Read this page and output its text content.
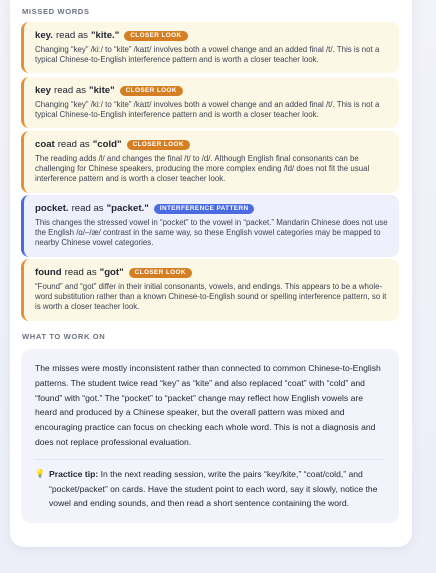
MISSED WORDS
key. read as "kite."	CLOSER LOOK
Changing “key” /kiː/ to “kite” /kaɪt/ involves both a vowel change and an added final /t/. This is not a typical Chinese-to-English interference pattern and is worth a closer teacher look.
key read as "kite"	CLOSER LOOK
Changing “key” /kiː/ to “kite” /kaɪt/ involves both a vowel change and an added final /t/. This is not a typical Chinese-to-English interference pattern and is worth a closer teacher look.
coat read as "cold"	CLOSER LOOK
The reading adds /l/ and changes the final /t/ to /d/. Although English final consonants can be challenging for Chinese speakers, producing the more complex ending /ld/ does not fit the usual interference pattern and is worth a closer teacher look.
pocket. read as "packet."	INTERFERENCE PATTERN
This changes the stressed vowel in “pocket” to the vowel in “packet.” Mandarin Chinese does not use the English /ɑ/–/æ/ contrast in the same way, so these English vowel categories may be mapped to nearby Chinese vowel categories.
found read as "got"	CLOSER LOOK
“Found” and “got” differ in their initial consonants, vowels, and endings. This appears to be a whole-word substitution rather than a known Chinese-to-English sound or spelling interference pattern, so it is worth a closer teacher look.
WHAT TO WORK ON

The misses were mostly inconsistent rather than connected to common Chinese-to-English patterns. The student twice read “key” as “kite” and also replaced “coat” with “cold” and “found” with “got.” The “pocket” to “packet” change may reflect how English vowels are heard and produced by a Chinese speaker, but the overall pattern was mixed and encouraging practice can focus on checking each whole word. This is not a diagnosis and does not replace professional evaluation.

💡 Practice tip: In the next reading session, write the pairs “key/kite,” “coat/cold,” and “pocket/packet” on cards. Have the student point to each word, say it slowly, notice the vowel and ending sounds, and then read a short sentence containing the word.
